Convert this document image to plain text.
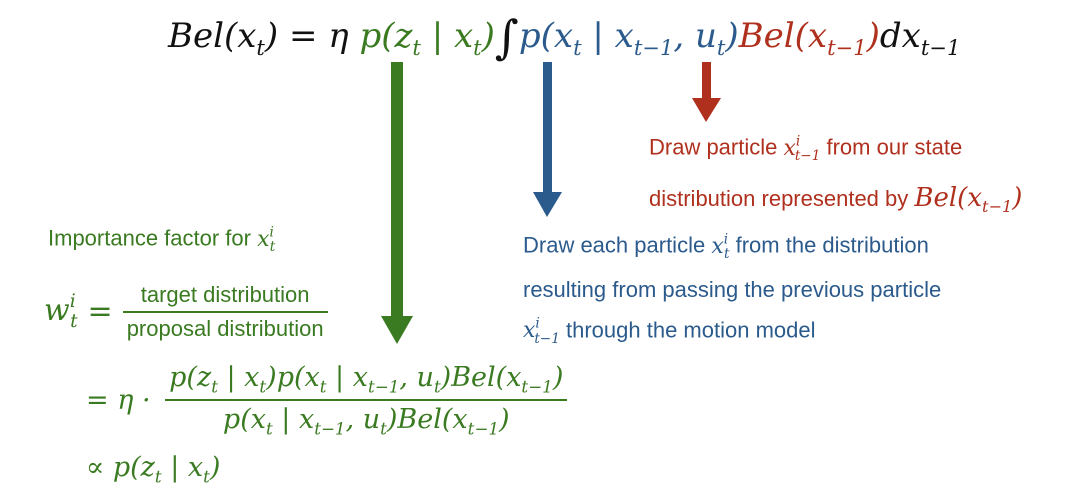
$Bel(x_t) = \eta$ $p(z_t$ | $x_t)\int p(x_t$ | $x_{t-1}$, $u_t)Bel(x_{t-1})dx_{t-1}$
Draw particle $x^i_{t-1}$ from our state
distribution represented by $Bel(x_{t-1})$
Draw each particle $x^i_t$ from the distribution
resulting from passing the previous particle
$x^i_{t-1}$ through the motion model
Importance factor for $x^i_t$
$w^i_t = \frac{\text{target distribution}}{\text{proposal distribution}}$
= $\eta \cdot \frac{p(z_t | x_t)p(x_t | x_{t-1}, u_t)Bel(x_{t-1})}{p(x_t | x_{t-1}, u_t)Bel(x_{t-1})}$
∝ $p(z_t$ | $x_t$)
